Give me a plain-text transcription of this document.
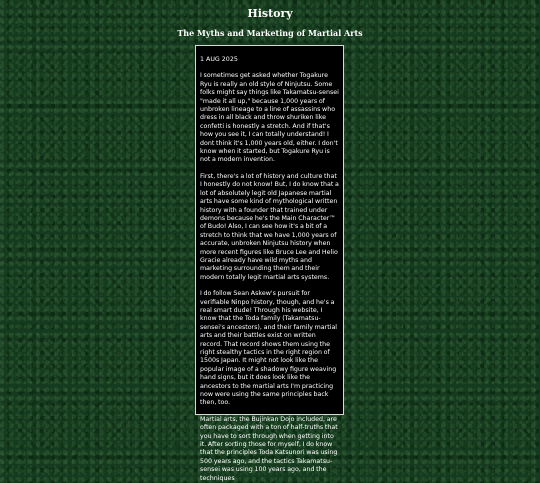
History
The Myths and Marketing of Martial Arts
1 AUG 2025

I sometimes get asked whether Togakure Ryu is really an old style of Ninjutsu. Some folks might say things like Takamatsu-sensei "made it all up," because 1,000 years of unbroken lineage to a line of assassins who dress in all black and throw shuriken like confetti is honestly a stretch. And if that's how you see it, I can totally understand! I dont think it's 1,000 years old, either. I don't know when it started, but Togakure Ryu is not a modern invention.

First, there's a lot of history and culture that I honestly do not know! But, I do know that a lot of absolutely legit old Japanese martial arts have some kind of mythological written history with a founder that trained under demons because he's the Main Character™ of Budo! Also, I can see how it's a bit of a stretch to think that we have 1,000 years of accurate, unbroken Ninjutsu history when more recent figures like Bruce Lee and Helio Gracie already have wild myths and marketing surrounding them and their modern totally legit martial arts systems.

I do follow Sean Askew's pursuit for verifiable Ninpo history, though, and he's a real smart dude! Through his website, I know that the Toda family (Takamatsu-sensei's ancestors), and their family martial arts and their battles exist on written record. That record shows them using the right stealthy tactics in the right region of 1500s Japan. It might not look like the popular image of a shadowy figure weaving hand signs, but it does look like the ancestors to the martial arts I'm practicing now were using the same principles back then, too.

Martial arts, the Bujinkan Dojo included, are often packaged with a ton of half-truths that you have to sort through when getting into it. After sorting those for myself, I do know that the principles Toda Katsunori was using 500 years ago, and the tactics Takamatsu-sensei was using 100 years ago, and the techniques
